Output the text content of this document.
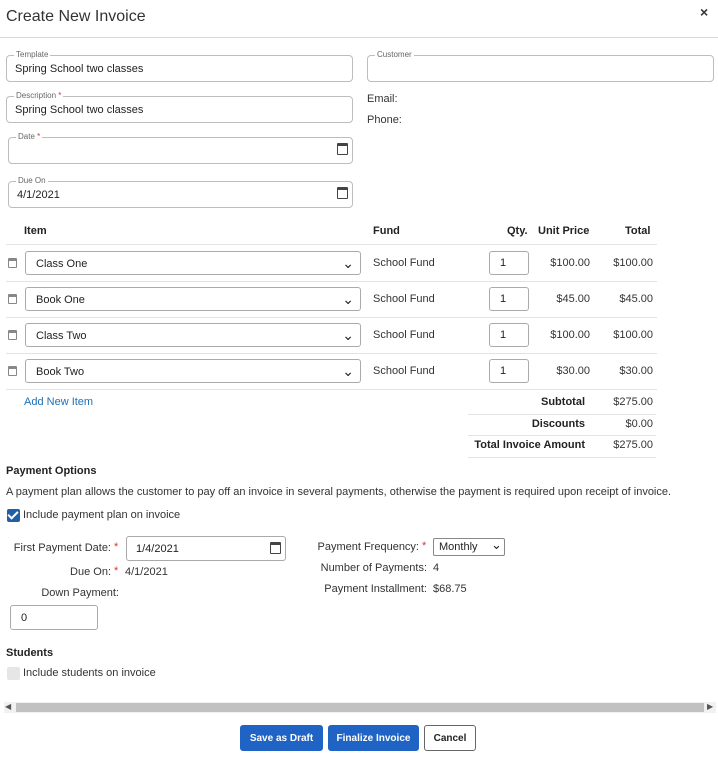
Create New Invoice	×
Template
Spring School two classes
Customer
Description *
Spring School two classes
Email:
Phone:
Date *
Due On
4/1/2021
Item	Fund	Qty. Unit Price	Total
Class One	⌄ School Fund	1	$100.00	$100.00
Book One	⌄ School Fund	1	$45.00	$45.00
Class Two	⌄ School Fund	1	$100.00	$100.00
Book Two	⌄ School Fund	1	$30.00	$30.00
Add New Item	Subtotal	$275.00
Discounts	$0.00
Total Invoice Amount	$275.00
Payment Options
A payment plan allows the customer to pay off an invoice in several payments, otherwise the payment is required upon receipt of invoice.
Include payment plan on invoice
First Payment Date: * 1/4/2021
Due On: * 4/1/2021
Down Payment:
0
Payment Frequency: * Monthly ⌄
Number of Payments: 4
Payment Installment: $68.75
Students
Include students on invoice
◀	▶
Save as Draft	Finalize Invoice	Cancel
